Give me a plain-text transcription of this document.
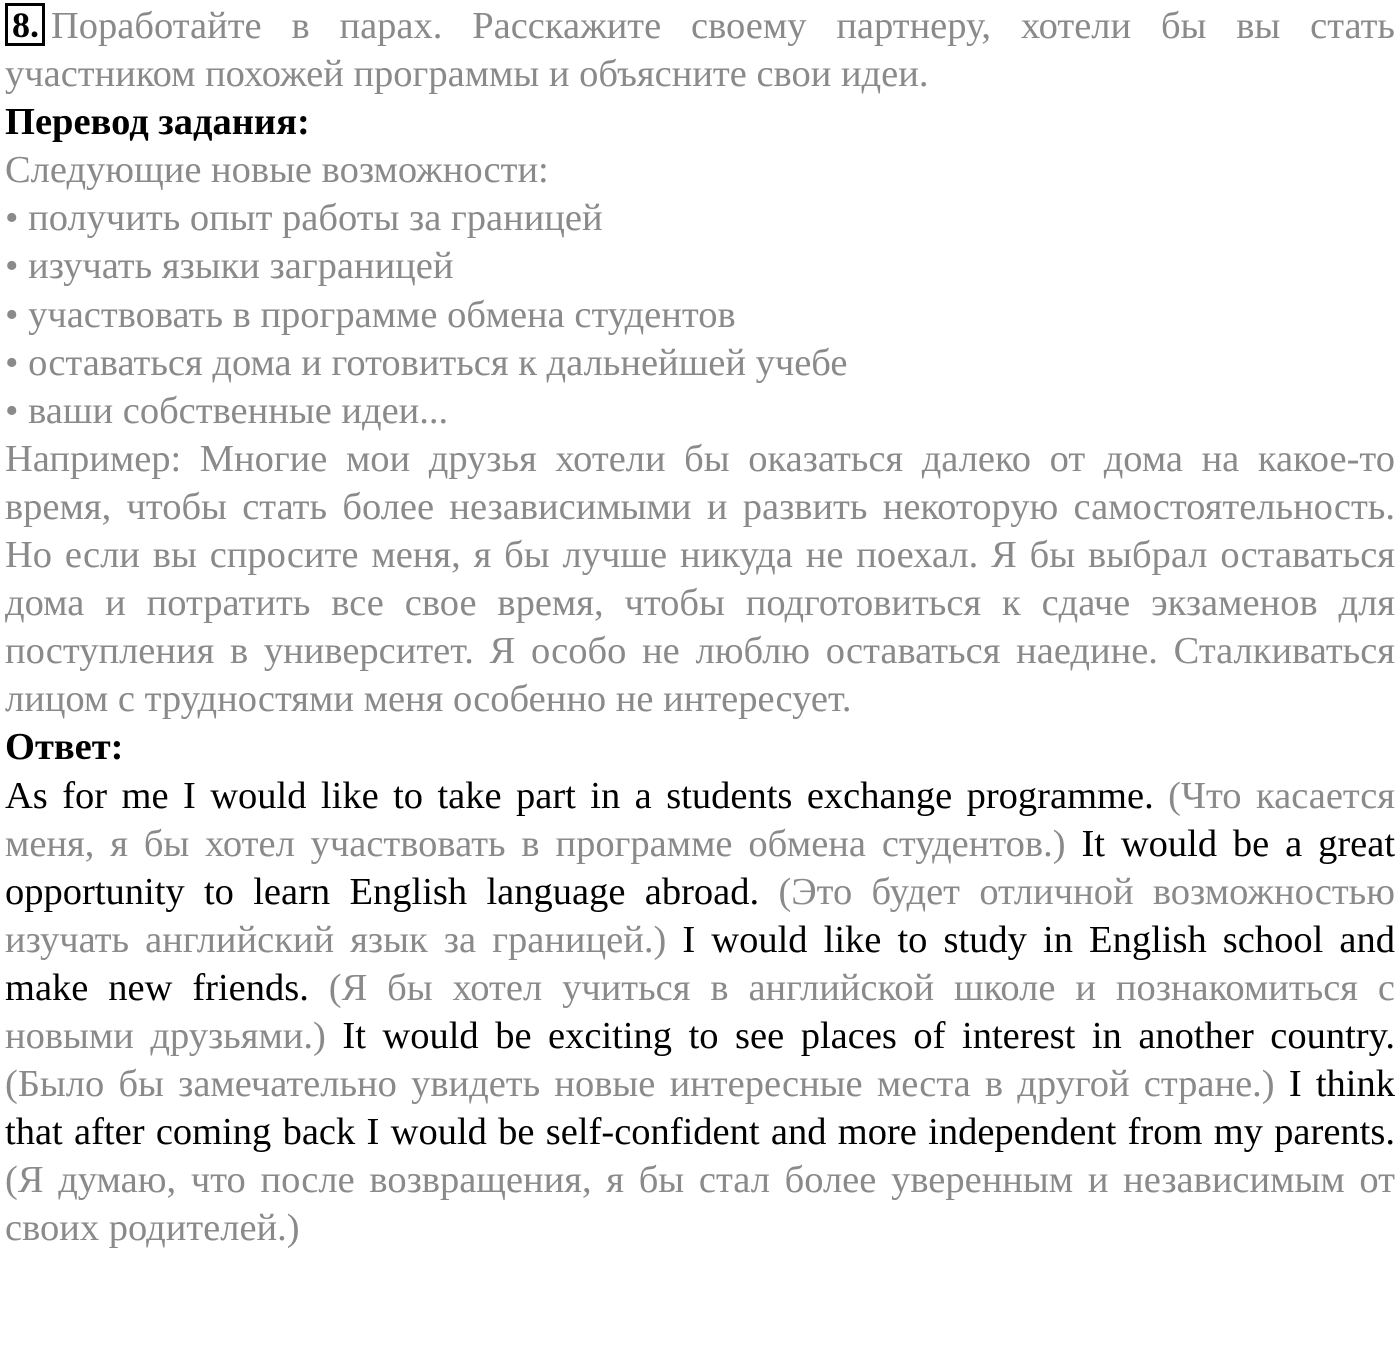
8. Поработайте в парах. Расскажите своему партнеру, хотели бы вы стать участником похожей программы и объясните свои идеи.

Перевод задания:

Следующие новые возможности:

• получить опыт работы за границей

• изучать языки заграницей

• участвовать в программе обмена студентов

• оставаться дома и готовиться к дальнейшей учебе

• ваши собственные идеи...

Например: Многие мои друзья хотели бы оказаться далеко от дома на какое-то время, чтобы стать более независимыми и развить некоторую самостоятельность. Но если вы спросите меня, я бы лучше никуда не поехал. Я бы выбрал оставаться дома и потратить все свое время, чтобы подготовиться к сдаче экзаменов для поступления в университет. Я особо не люблю оставаться наедине. Сталкиваться лицом с трудностями меня особенно не интересует.

Ответ:

As for me I would like to take part in a students exchange programme. (Что касается меня, я бы хотел участвовать в программе обмена студентов.) It would be a great opportunity to learn English language abroad. (Это будет отличной возможностью изучать английский язык за границей.) I would like to study in English school and make new friends. (Я бы хотел учиться в английской школе и познакомиться с новыми друзьями.) It would be exciting to see places of interest in another country. (Было бы замечательно увидеть новые интересные места в другой стране.) I think that after coming back I would be self-confident and more independent from my parents. (Я думаю, что после возвращения, я бы стал более уверенным и независимым от своих родителей.)
